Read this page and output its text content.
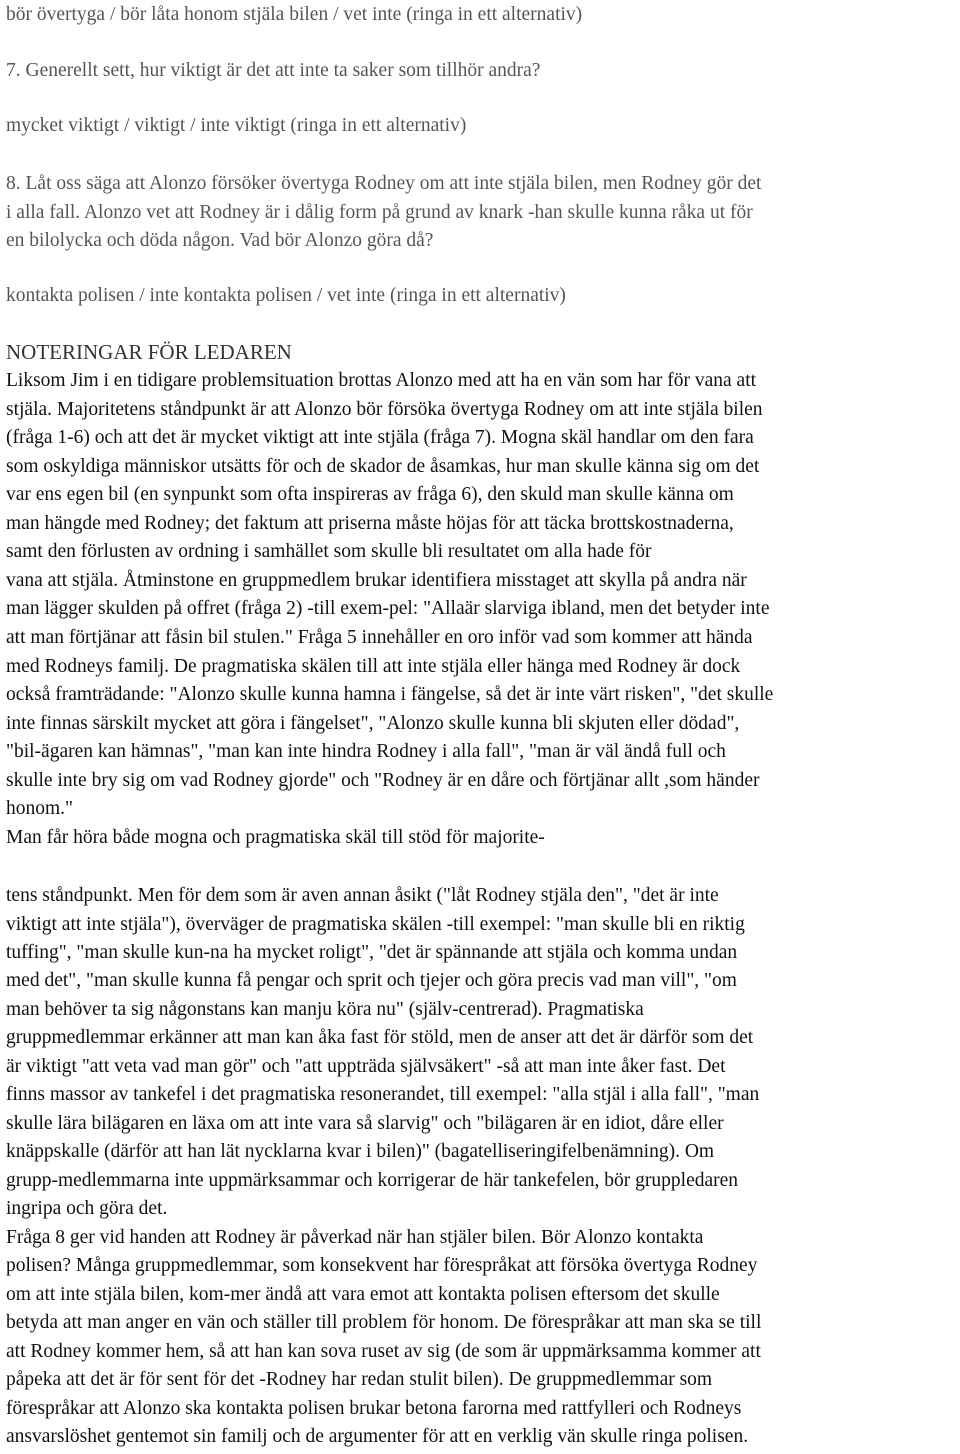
bör övertyga / bör låta honom stjäla bilen / vet inte (ringa in ett alternativ)
7. Generellt sett, hur viktigt är det att inte ta saker som tillhör andra?
mycket viktigt / viktigt / inte viktigt (ringa in ett alternativ)
8. Låt oss säga att Alonzo försöker övertyga Rodney om att inte stjäla bilen, men Rodney gör det
i alla fall. Alonzo vet att Rodney är i dålig form på grund av knark -han skulle kunna råka ut för
en bilolycka och döda någon. Vad bör Alonzo göra då?
kontakta polisen / inte kontakta polisen / vet inte (ringa in ett alternativ)
NOTERINGAR FÖR LEDAREN
Liksom Jim i en tidigare problemsituation brottas Alonzo med att ha en vän som har för vana att
stjäla. Majoritetens ståndpunkt är att Alonzo bör försöka övertyga Rodney om att inte stjäla bilen
(fråga 1-6) och att det är mycket viktigt att inte stjäla (fråga 7). Mogna skäl handlar om den fara
som oskyldiga människor utsätts för och de skador de åsamkas, hur man skulle känna sig om det
var ens egen bil (en synpunkt som ofta inspireras av fråga 6), den skuld man skulle känna om
man hängde med Rodney; det faktum att priserna måste höjas för att täcka brottskostnaderna,
samt den förlusten av ordning i samhället som skulle bli resultatet om alla hade för
vana att stjäla. Åtminstone en gruppmedlem brukar identifiera misstaget att skylla på andra när
man lägger skulden på offret (fråga 2) -till exem-pel: "Allaär slarviga ibland, men det betyder inte
att man förtjänar att fåsin bil stulen." Fråga 5 innehåller en oro inför vad som kommer att hända
med Rodneys familj. De pragmatiska skälen till att inte stjäla eller hänga med Rodney är dock
också framträdande: "Alonzo skulle kunna hamna i fängelse, så det är inte värt risken", "det skulle
inte finnas särskilt mycket att göra i fängelset", "Alonzo skulle kunna bli skjuten eller dödad",
"bil-ägaren kan hämnas", "man kan inte hindra Rodney i alla fall", "man är väl ändå full och
skulle inte bry sig om vad Rodney gjorde" och "Rodney är en dåre och förtjänar allt ,som händer
honom."
Man får höra både mogna och pragmatiska skäl till stöd för majorite-
tens ståndpunkt. Men för dem som är aven annan åsikt ("låt Rodney stjäla den", "det är inte
viktigt att inte stjäla"), överväger de pragmatiska skälen -till exempel: "man skulle bli en riktig
tuffing", "man skulle kun-na ha mycket roligt", "det är spännande att stjäla och komma undan
med det", "man skulle kunna få pengar och sprit och tjejer och göra precis vad man vill", "om
man behöver ta sig någonstans kan manju köra nu" (själv-centrerad). Pragmatiska
gruppmedlemmar erkänner att man kan åka fast för stöld, men de anser att det är därför som det
är viktigt "att veta vad man gör" och "att uppträda självsäkert" -så att man inte åker fast. Det
finns massor av tankefel i det pragmatiska resonerandet, till exempel: "alla stjäl i alla fall", "man
skulle lära bilägaren en läxa om att inte vara så slarvig" och "bilägaren är en idiot, dåre eller
knäppskalle (därför att han lät nycklarna kvar i bilen)" (bagatelliseringifelbenämning). Om
grupp-medlemmarna inte uppmärksammar och korrigerar de här tankefelen, bör gruppledaren
ingripa och göra det.
Fråga 8 ger vid handen att Rodney är påverkad när han stjäler bilen. Bör Alonzo kontakta
polisen? Många gruppmedlemmar, som konsekvent har förespråkat att försöka övertyga Rodney
om att inte stjäla bilen, kom-mer ändå att vara emot att kontakta polisen eftersom det skulle
betyda att man anger en vän och ställer till problem för honom. De förespråkar att man ska se till
att Rodney kommer hem, så att han kan sova ruset av sig (de som är uppmärksamma kommer att
påpeka att det är för sent för det -Rodney har redan stulit bilen). De gruppmedlemmar som
förespråkar att Alonzo ska kontakta polisen brukar betona farorna med rattfylleri och Rodneys
ansvarslöshet gentemot sin familj och de argumenter för att en verklig vän skulle ringa polisen.
